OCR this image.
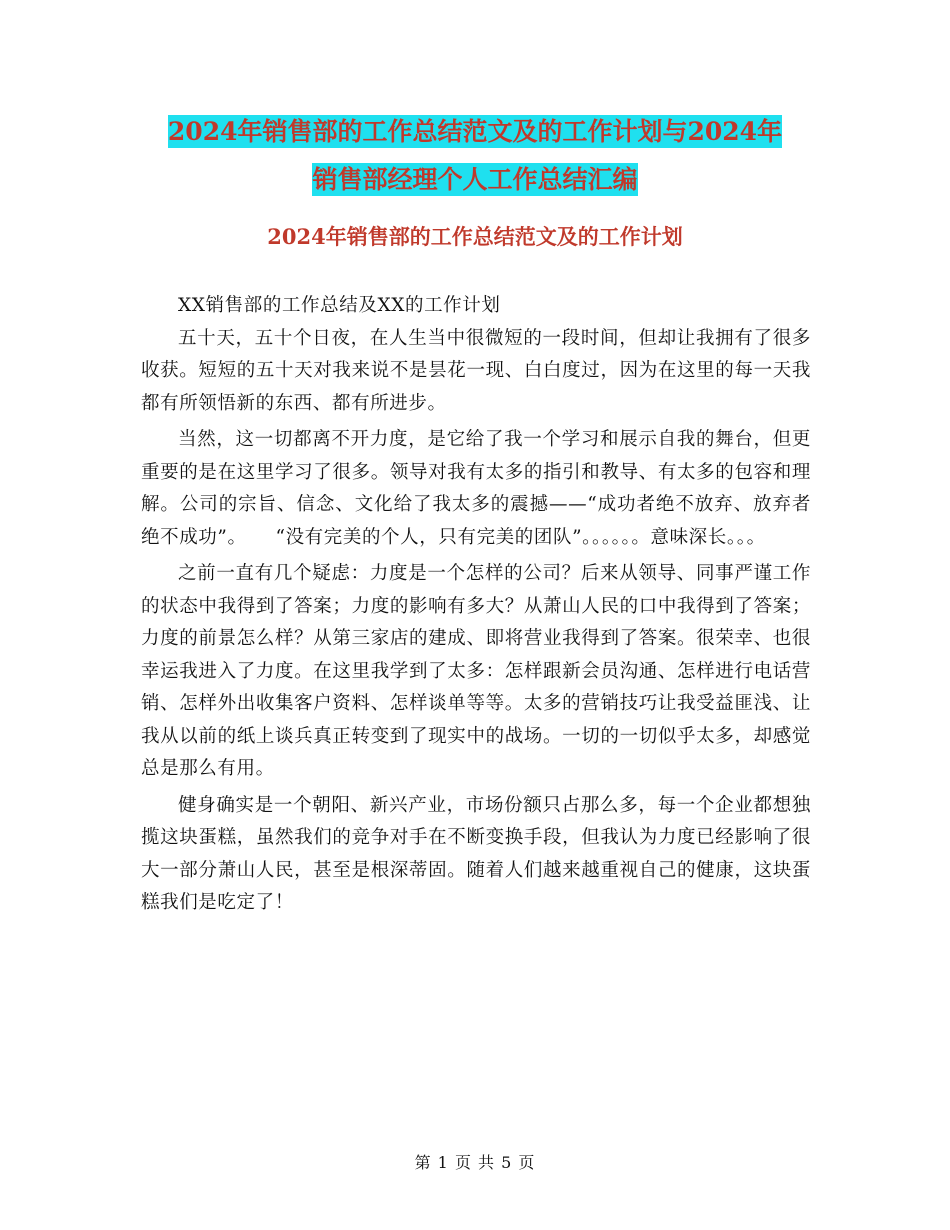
2024年销售部的工作总结范文及的工作计划与2024年
销售部经理个人工作总结汇编
2024年销售部的工作总结范文及的工作计划

XX销售部的工作总结及XX的工作计划

五十天，五十个日夜，在人生当中很微短的一段时间，但却让我拥有了很多收获。短短的五十天对我来说不是昙花一现、白白度过，因为在这里的每一天我都有所领悟新的东西、都有所进步。

当然，这一切都离不开力度，是它给了我一个学习和展示自我的舞台，但更重要的是在这里学习了很多。领导对我有太多的指引和教导、有太多的包容和理解。公司的宗旨、信念、文化给了我太多的震撼——“成功者绝不放弃、放弃者绝不成功”。　　“没有完美的个人，只有完美的团队”。。。。。。意味深长。。。

之前一直有几个疑虑：力度是一个怎样的公司？后来从领导、同事严谨工作的状态中我得到了答案；力度的影响有多大？从萧山人民的口中我得到了答案；力度的前景怎么样？从第三家店的建成、即将营业我得到了答案。很荣幸、也很幸运我进入了力度。在这里我学到了太多：怎样跟新会员沟通、怎样进行电话营销、怎样外出收集客户资料、怎样谈单等等。太多的营销技巧让我受益匪浅、让我从以前的纸上谈兵真正转变到了现实中的战场。一切的一切似乎太多，却感觉总是那么有用。

健身确实是一个朝阳、新兴产业，市场份额只占那么多，每一个企业都想独揽这块蛋糕，虽然我们的竞争对手在不断变换手段，但我认为力度已经影响了很大一部分萧山人民，甚至是根深蒂固。随着人们越来越重视自己的健康，这块蛋糕我们是吃定了！

第 1 页 共 5 页
